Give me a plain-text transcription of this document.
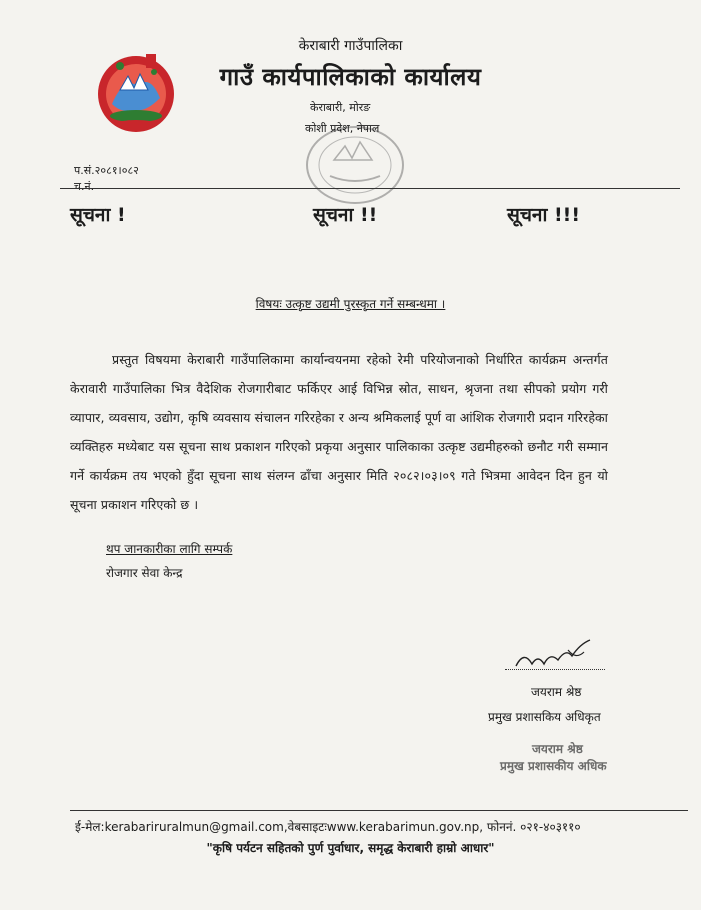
केराबारी गाउँपालिका
गाउँ कार्यपालिकाको कार्यालय
केराबारी, मोरङ
कोशी प्रदेश, नेपाल
प.सं.२०८१।०८२
च.नं.
सूचना !	सूचना !!	सूचना !!!
विषयः उत्कृष्ट उद्यमी पुरस्कृत गर्ने सम्बन्धमा ।
प्रस्तुत विषयमा केराबारी गाउँपालिकामा कार्यान्वयनमा रहेको रेमी परियोजनाको निर्धारित कार्यक्रम अन्तर्गत केरावारी गाउँपालिका भित्र वैदेशिक रोजगारीबाट फर्किएर आई विभिन्न स्रोत, साधन, श्रृजना तथा सीपको प्रयोग गरी व्यापार, व्यवसाय, उद्योग, कृषि व्यवसाय संचालन गरिरहेका र अन्य श्रमिकलाई पूर्ण वा आंशिक रोजगारी प्रदान गरिरहेका व्यक्तिहरु मध्येबाट यस सूचना साथ प्रकाशन गरिएको प्रकृया अनुसार पालिकाका उत्कृष्ट उद्यमीहरुको छनौट गरी सम्मान गर्ने कार्यक्रम तय भएको हुँदा सूचना साथ संलग्न ढाँचा अनुसार मिति २०८२।०३।०९ गते भित्रमा आवेदन दिन हुन यो सूचना प्रकाशन गरिएको छ ।
थप जानकारीका लागि सम्पर्क
रोजगार सेवा केन्द्र
जयराम श्रेष्ठ
प्रमुख प्रशासकिय अधिकृत
जयराम श्रेष्ठ
प्रमुख प्रशासकीय अधिक
ई-मेल:kerabariruralmun@gmail.com,वेबसाइटःwww.kerabarimun.gov.np, फोननं. ०२१-४०३११०
"कृषि पर्यटन सहितको पुर्ण पुर्वाधार, समृद्ध केराबारी हाम्रो आधार"
